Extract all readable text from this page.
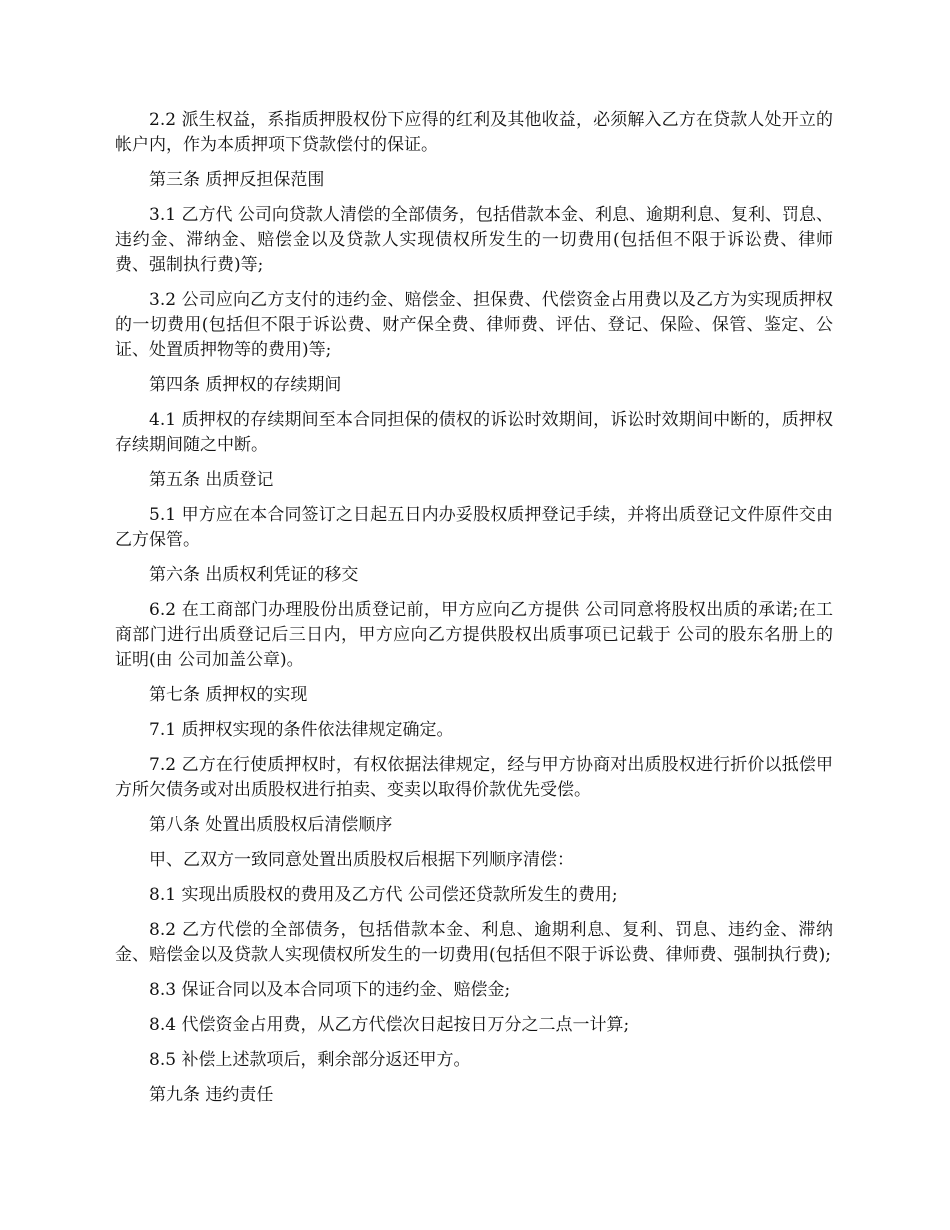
2.2 派生权益，系指质押股权份下应得的红利及其他收益，必须解入乙方在贷款人处开立的帐户内，作为本质押项下贷款偿付的保证。

第三条 质押反担保范围

3.1 乙方代 公司向贷款人清偿的全部债务，包括借款本金、利息、逾期利息、复利、罚息、违约金、滞纳金、赔偿金以及贷款人实现债权所发生的一切费用(包括但不限于诉讼费、律师费、强制执行费)等;

3.2 公司应向乙方支付的违约金、赔偿金、担保费、代偿资金占用费以及乙方为实现质押权的一切费用(包括但不限于诉讼费、财产保全费、律师费、评估、登记、保险、保管、鉴定、公证、处置质押物等的费用)等;

第四条 质押权的存续期间

4.1 质押权的存续期间至本合同担保的债权的诉讼时效期间，诉讼时效期间中断的，质押权存续期间随之中断。

第五条 出质登记

5.1 甲方应在本合同签订之日起五日内办妥股权质押登记手续，并将出质登记文件原件交由乙方保管。

第六条 出质权利凭证的移交

6.2 在工商部门办理股份出质登记前，甲方应向乙方提供 公司同意将股权出质的承诺;在工商部门进行出质登记后三日内，甲方应向乙方提供股权出质事项已记载于 公司的股东名册上的证明(由 公司加盖公章)。

第七条 质押权的实现

7.1 质押权实现的条件依法律规定确定。

7.2 乙方在行使质押权时，有权依据法律规定，经与甲方协商对出质股权进行折价以抵偿甲方所欠债务或对出质股权进行拍卖、变卖以取得价款优先受偿。

第八条 处置出质股权后清偿顺序

甲、乙双方一致同意处置出质股权后根据下列顺序清偿：

8.1 实现出质股权的费用及乙方代 公司偿还贷款所发生的费用;

8.2 乙方代偿的全部债务，包括借款本金、利息、逾期利息、复利、罚息、违约金、滞纳金、赔偿金以及贷款人实现债权所发生的一切费用(包括但不限于诉讼费、律师费、强制执行费);

8.3 保证合同以及本合同项下的违约金、赔偿金;

8.4 代偿资金占用费，从乙方代偿次日起按日万分之二点一计算;

8.5 补偿上述款项后，剩余部分返还甲方。

第九条 违约责任
